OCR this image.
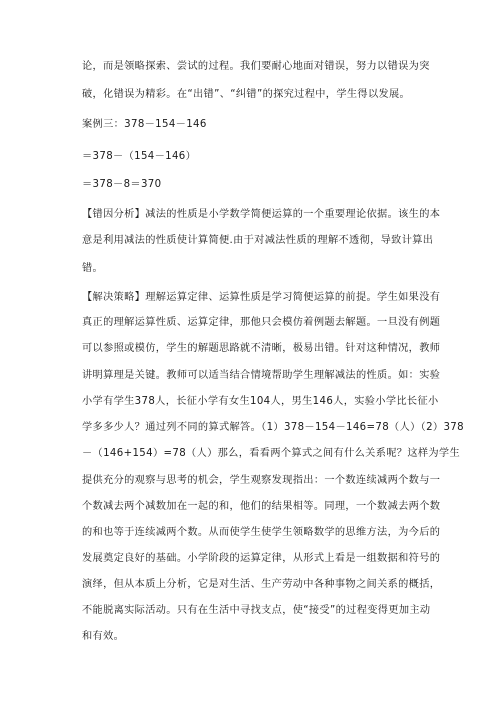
论，而是领略探索、尝试的过程。我们要耐心地面对错误，努力以错误为突
破，化错误为精彩。在“出错”、“纠错”的探究过程中，学生得以发展。
案例三：378－154－146
＝378－（154－146）
＝378－8＝370
【错因分析】减法的性质是小学数学简便运算的一个重要理论依据。该生的本
意是利用减法的性质使计算简便.由于对减法性质的理解不透彻，导致计算出
错。
【解决策略】理解运算定律、运算性质是学习简便运算的前提。学生如果没有
真正的理解运算性质、运算定律，那他只会模仿着例题去解题。一旦没有例题
可以参照或模仿，学生的解题思路就不清晰，极易出错。针对这种情况，教师
讲明算理是关键。教师可以适当结合情境帮助学生理解减法的性质。如：实验
小学有学生378人，长征小学有女生104人，男生146人，实验小学比长征小
学多多少人？通过列不同的算式解答。（1）378－154－146=78（人）（2）378
－（146+154）=78（人）那么，看看两个算式之间有什么关系呢？这样为学生
提供充分的观察与思考的机会，学生观察发现指出：一个数连续减两个数与一
个数减去两个减数加在一起的和，他们的结果相等。同理，一个数减去两个数
的和也等于连续减两个数。从而使学生使学生领略数学的思维方法，为今后的
发展奠定良好的基础。小学阶段的运算定律，从形式上看是一组数据和符号的
演绎，但从本质上分析，它是对生活、生产劳动中各种事物之间关系的概括，
不能脱离实际活动。只有在生活中寻找支点，使“接受”的过程变得更加主动
和有效。
